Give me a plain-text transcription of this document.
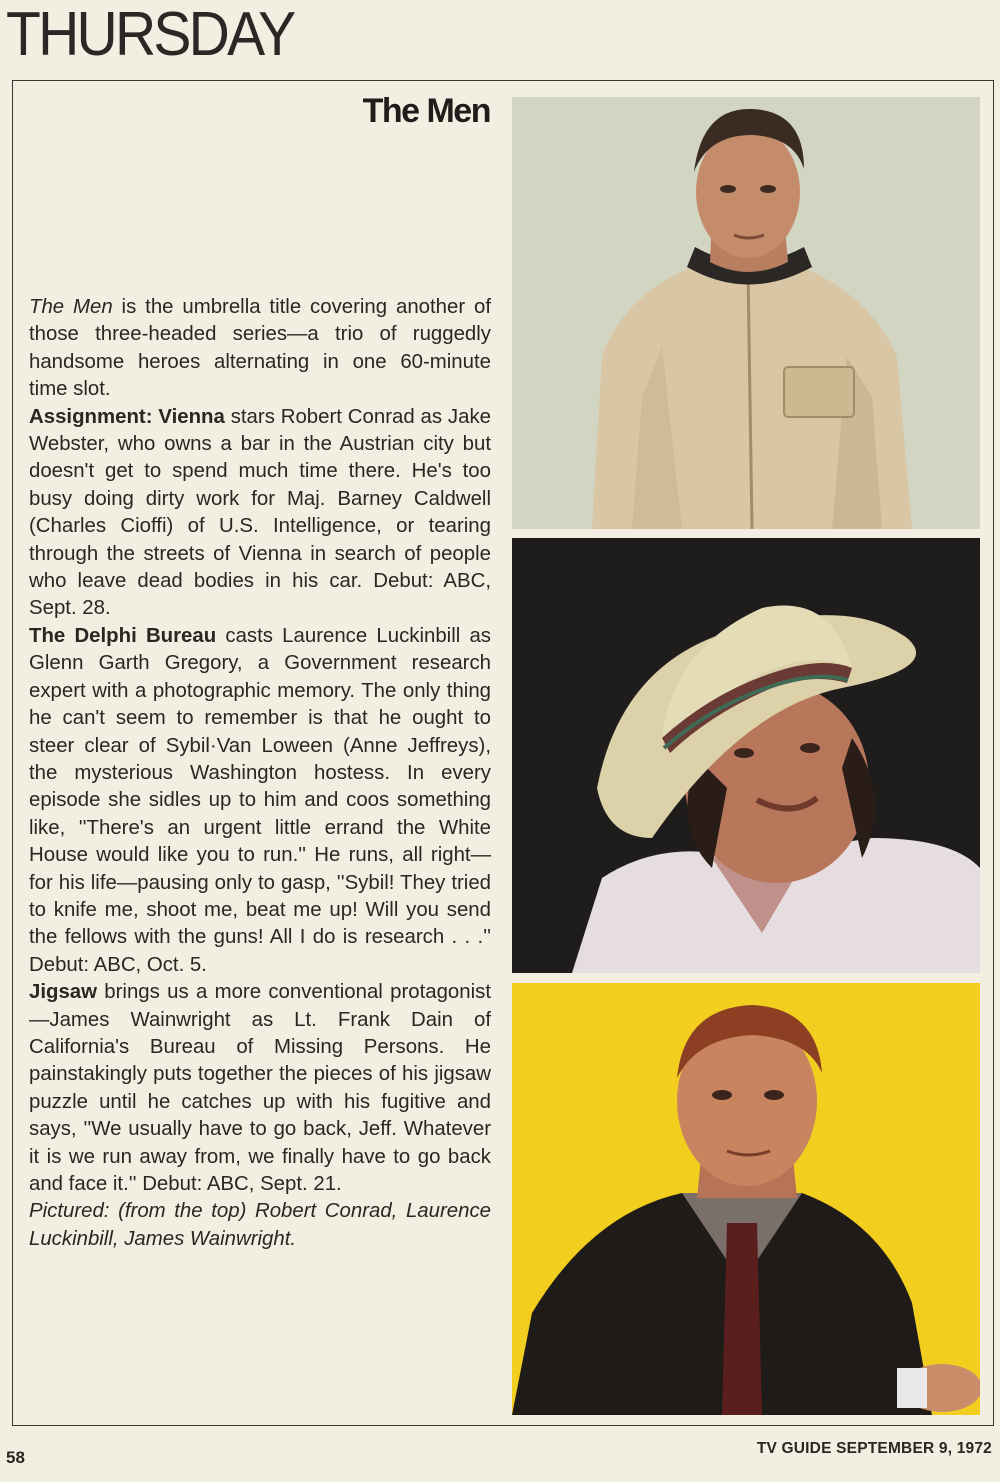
THURSDAY
The Men

The Men is the umbrella title covering another of those three-headed series—a trio of ruggedly handsome heroes alternating in one 60-minute time slot.

Assignment: Vienna stars Robert Conrad as Jake Webster, who owns a bar in the Austrian city but doesn't get to spend much time there. He's too busy doing dirty work for Maj. Barney Caldwell (Charles Cioffi) of U.S. Intelligence, or tearing through the streets of Vienna in search of people who leave dead bodies in his car. Debut: ABC, Sept. 28.

The Delphi Bureau casts Laurence Luckinbill as Glenn Garth Gregory, a Government research expert with a photographic memory. The only thing he can't seem to remember is that he ought to steer clear of Sybil·Van Loween (Anne Jeffreys), the mysterious Washington hostess. In every episode she sidles up to him and coos something like, ''There's an urgent little errand the White House would like you to run.'' He runs, all right—for his life—pausing only to gasp, ''Sybil! They tried to knife me, shoot me, beat me up! Will you send the fellows with the guns! All I do is research . . .'' Debut: ABC, Oct. 5.

Jigsaw brings us a more conventional protagonist—James Wainwright as Lt. Frank Dain of California's Bureau of Missing Persons. He painstakingly puts together the pieces of his jigsaw puzzle until he catches up with his fugitive and says, ''We usually have to go back, Jeff. Whatever it is we run away from, we finally have to go back and face it.'' Debut: ABC, Sept. 21.

Pictured: (from the top) Robert Conrad, Laurence Luckinbill, James Wainwright.

58	TV GUIDE SEPTEMBER 9, 1972
